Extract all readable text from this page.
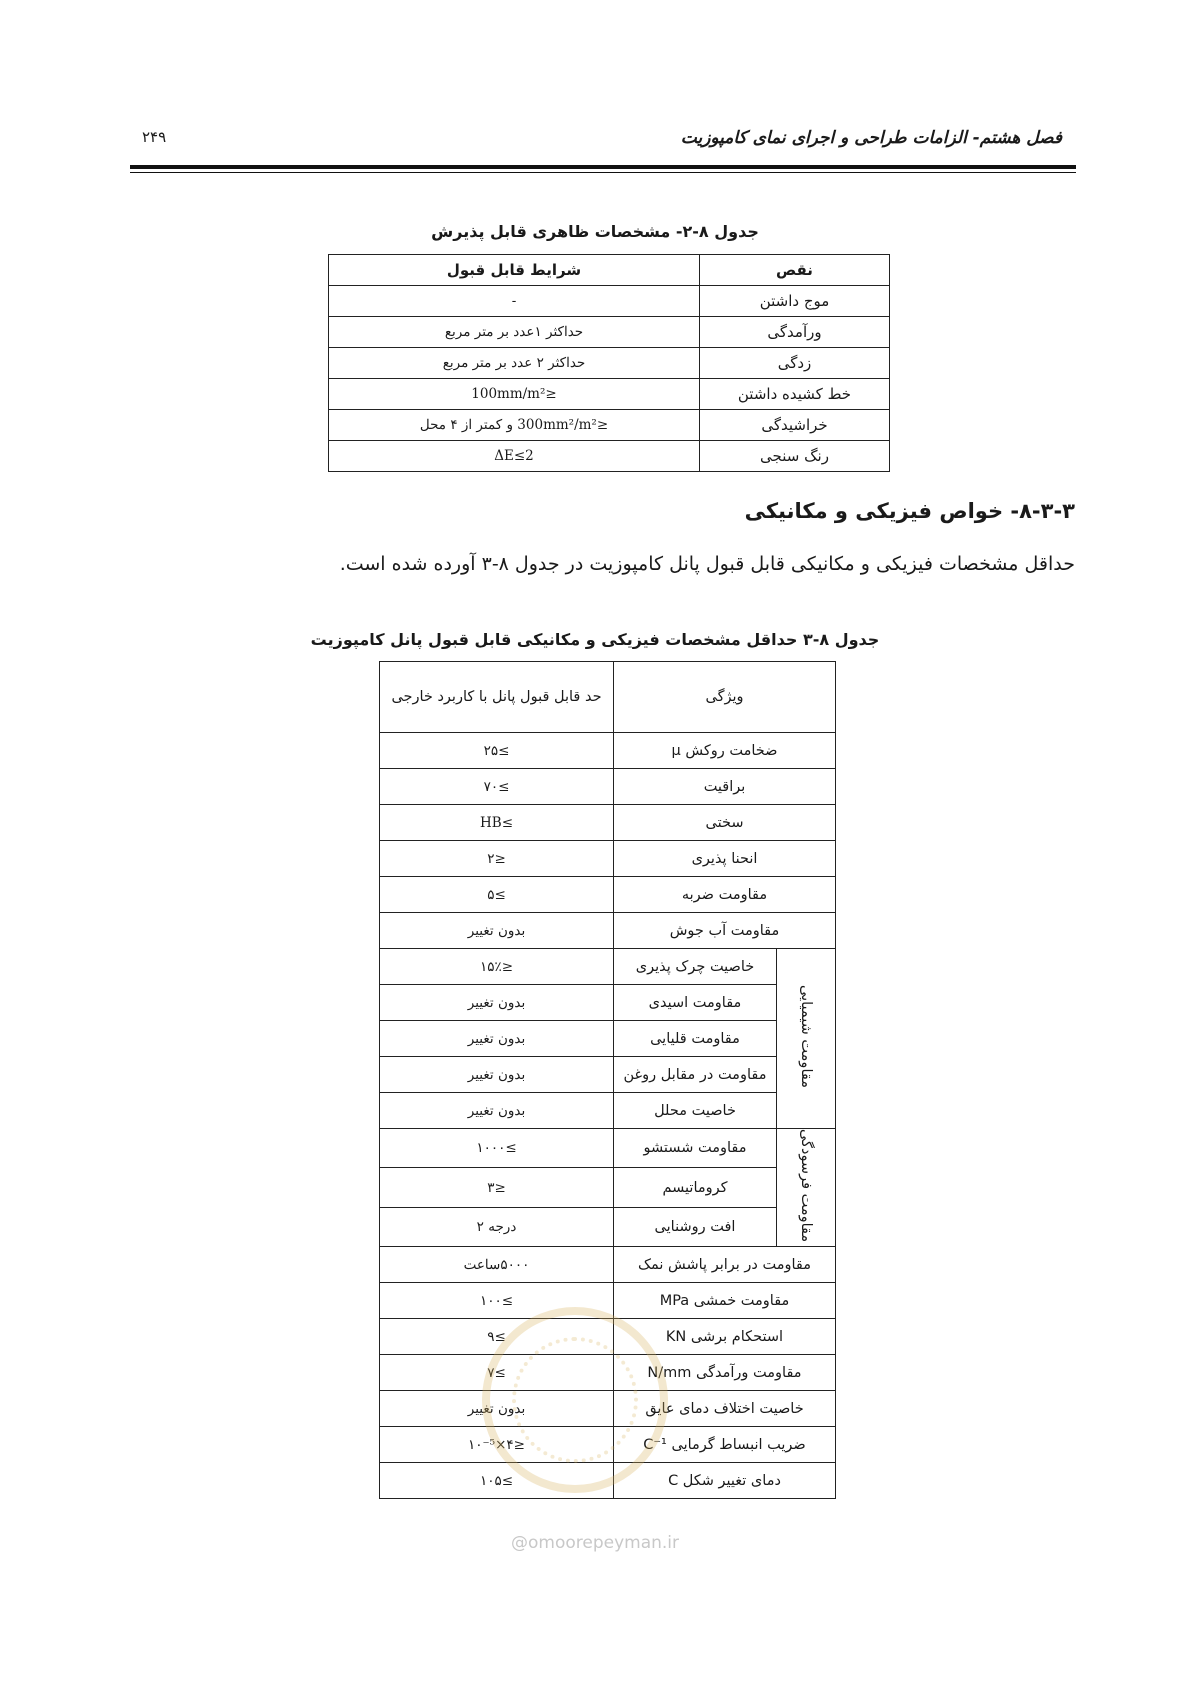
فصل هشتم- الزامات طراحی و اجرای نمای کامپوزیت
۲۴۹
جدول ۸-۲- مشخصات ظاهری قابل پذیرش
نقص	شرایط قابل قبول
موج داشتن	-
ورآمدگی	حداکثر ۱عدد بر متر مربع
زدگی	حداکثر ۲ عدد بر متر مربع
خط کشیده داشتن	≤100mm/m²
خراشیدگی	≤300mm²/m² و کمتر از ۴ محل
رنگ سنجی	ΔE≤2
۸-۳-۳- خواص فیزیکی و مکانیکی
حداقل مشخصات فیزیکی و مکانیکی قابل قبول پانل کامپوزیت در جدول ۸-۳ آورده شده است.
جدول ۸-۳ حداقل مشخصات فیزیکی و مکانیکی قابل قبول پانل کامپوزیت
ویژگی		حد قابل قبول پانل با کاربرد خارجی
ضخامت روکش μ		≥۲۵
براقیت		≥۷۰
سختی		≥HB
انحنا پذیری		≤۲
مقاومت ضربه		≥۵
مقاومت آب جوش		بدون تغییر
مقاومت شیمیایی	خاصیت چرک پذیری	≤۱۵٪
	مقاومت اسیدی	بدون تغییر
	مقاومت قلیایی	بدون تغییر
	مقاومت در مقابل روغن	بدون تغییر
	خاصیت محلل	بدون تغییر
مقاومت فرسودگی	مقاومت شستشو	≥۱۰۰۰
	کروماتیسم	≤۳
	افت روشنایی	درجه ۲
مقاومت در برابر پاشش نمک		۵۰۰۰ساعت
مقاومت خمشی MPa		≥۱۰۰
استحکام برشی KN		≥۹
مقاومت ورآمدگی N/mm		≥۷
خاصیت اختلاف دمای عایق		بدون تغییر
ضریب انبساط گرمایی C⁻¹		≤۴×۱۰⁻⁵
دمای تغییر شکل C		≥۱۰۵
@omoorepeyman.ir
